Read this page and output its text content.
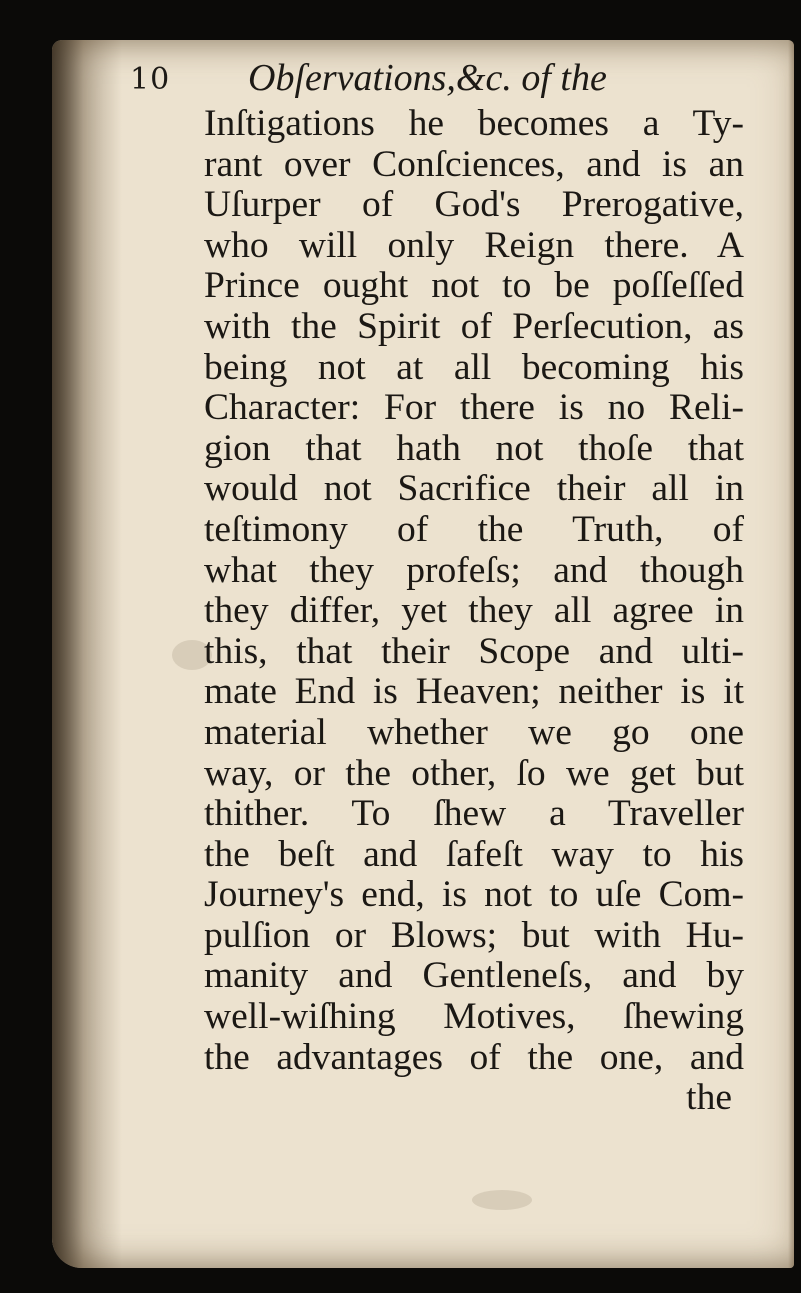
10 Obſervations,&c. of the
Inſtigations he becomes a Ty-
rant over Conſciences, and is an
Uſurper of God's Prerogative,
who will only Reign there. A
Prince ought not to be poſſeſſed
with the Spirit of Perſecution, as
being not at all becoming his
Character: For there is no Reli-
gion that hath not thoſe that
would not Sacrifice their all in
teſtimony of the Truth, of
what they profeſs; and though
they differ, yet they all agree in
this, that their Scope and ulti-
mate End is Heaven; neither is it
material whether we go one
way, or the other, ſo we get but
thither. To ſhew a Traveller
the beſt and ſafeſt way to his
Journey's end, is not to uſe Com-
pulſion or Blows; but with Hu-
manity and Gentleneſs, and by
well-wiſhing Motives, ſhewing
the advantages of the one, and
the
